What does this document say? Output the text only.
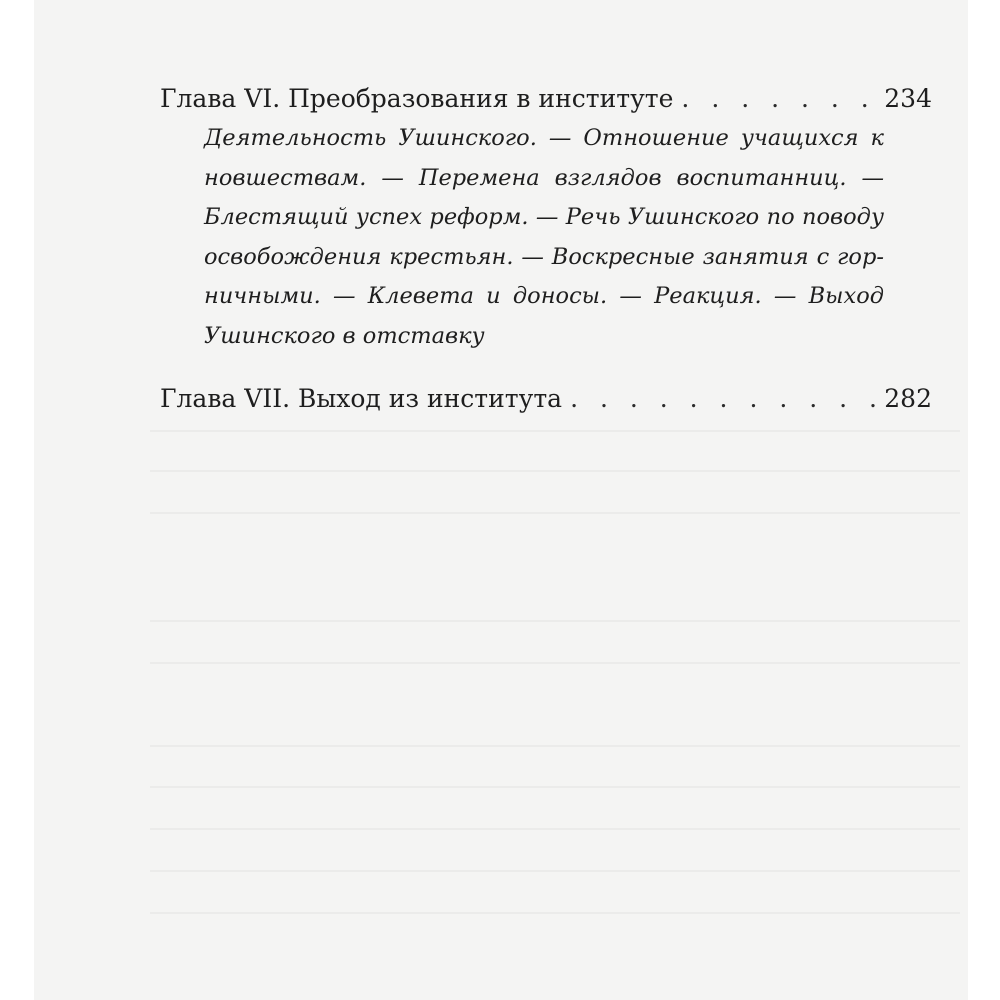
Глава VI. Преобразования в институте . . .	234
Деятельность Ушинского. — Отношение учащихся к новшествам. — Перемена взглядов воспитанниц. — Блестящий успех реформ. — Речь Ушинского по поводу освобождения крестьян. — Воскресные занятия с горничными. — Клевета и доносы. — Реакция. — Выход Ушинского в отставку
Глава VII. Выход из института . . .	282
